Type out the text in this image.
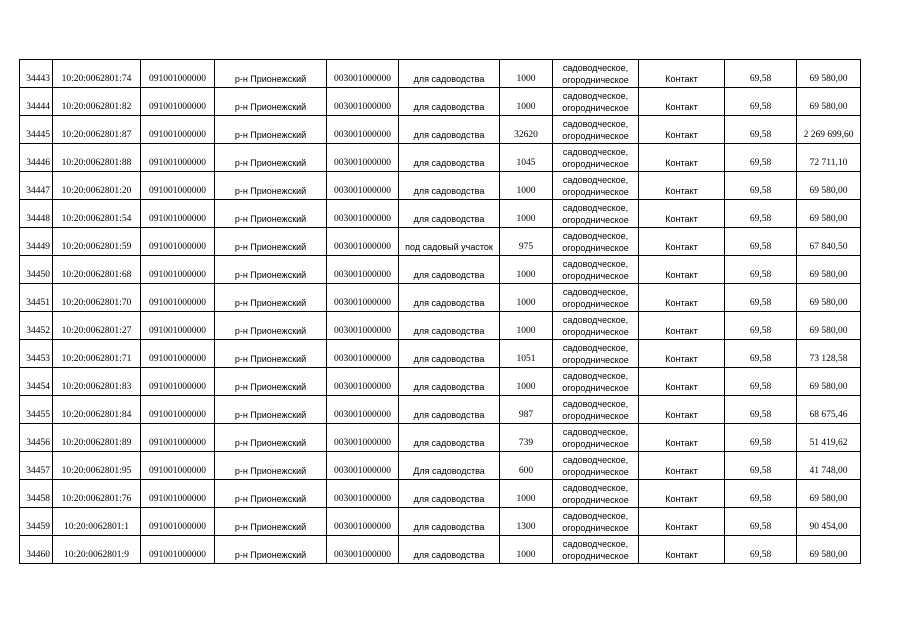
34443	10:20:0062801:74	091001000000	р-н Прионежский	003001000000	для садоводства	1000	садоводческое,
огородническое	Контакт	69,58	69 580,00
34444	10:20:0062801:82	091001000000	р-н Прионежский	003001000000	для садоводства	1000	садоводческое,
огородническое	Контакт	69,58	69 580,00
34445	10:20:0062801:87	091001000000	р-н Прионежский	003001000000	для садоводства	32620	садоводческое,
огородническое	Контакт	69,58	2 269 699,60
34446	10:20:0062801:88	091001000000	р-н Прионежский	003001000000	для садоводства	1045	садоводческое,
огородническое	Контакт	69,58	72 711,10
34447	10:20:0062801:20	091001000000	р-н Прионежский	003001000000	для садоводства	1000	садоводческое,
огородническое	Контакт	69,58	69 580,00
34448	10:20:0062801:54	091001000000	р-н Прионежский	003001000000	для садоводства	1000	садоводческое,
огородническое	Контакт	69,58	69 580,00
34449	10:20:0062801:59	091001000000	р-н Прионежский	003001000000	под садовый участок	975	садоводческое,
огородническое	Контакт	69,58	67 840,50
34450	10:20:0062801:68	091001000000	р-н Прионежский	003001000000	для садоводства	1000	садоводческое,
огородническое	Контакт	69,58	69 580,00
34451	10:20:0062801:70	091001000000	р-н Прионежский	003001000000	для садоводства	1000	садоводческое,
огородническое	Контакт	69,58	69 580,00
34452	10:20:0062801:27	091001000000	р-н Прионежский	003001000000	для садоводства	1000	садоводческое,
огородническое	Контакт	69,58	69 580,00
34453	10:20:0062801:71	091001000000	р-н Прионежский	003001000000	для садоводства	1051	садоводческое,
огородническое	Контакт	69,58	73 128,58
34454	10:20:0062801:83	091001000000	р-н Прионежский	003001000000	для садоводства	1000	садоводческое,
огородническое	Контакт	69,58	69 580,00
34455	10:20:0062801:84	091001000000	р-н Прионежский	003001000000	для садоводства	987	садоводческое,
огородническое	Контакт	69,58	68 675,46
34456	10:20:0062801:89	091001000000	р-н Прионежский	003001000000	для садоводства	739	садоводческое,
огородническое	Контакт	69,58	51 419,62
34457	10:20:0062801:95	091001000000	р-н Прионежский	003001000000	Для садоводства	600	садоводческое,
огородническое	Контакт	69,58	41 748,00
34458	10:20:0062801:76	091001000000	р-н Прионежский	003001000000	для садоводства	1000	садоводческое,
огородническое	Контакт	69,58	69 580,00
34459	10:20:0062801:1	091001000000	р-н Прионежский	003001000000	для садоводства	1300	садоводческое,
огородническое	Контакт	69,58	90 454,00
34460	10:20:0062801:9	091001000000	р-н Прионежский	003001000000	для садоводства	1000	садоводческое,
огородническое	Контакт	69,58	69 580,00
